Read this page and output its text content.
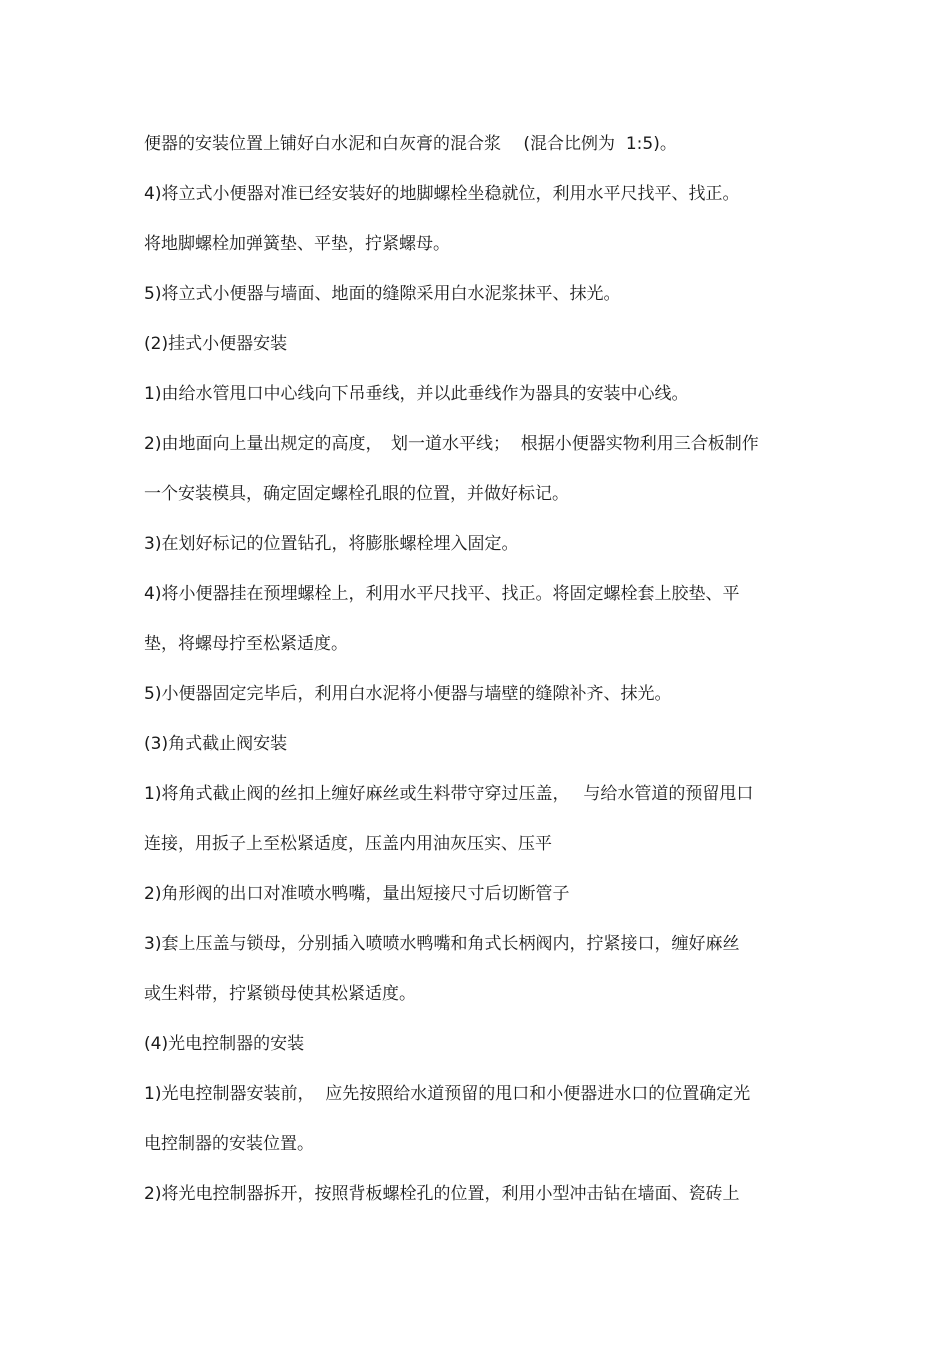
便器的安装位置上铺好白水泥和白灰膏的混合浆　 (混合比例为  1:5)。

4)将立式小便器对准已经安装好的地脚螺栓坐稳就位，利用水平尺找平、找正。

将地脚螺栓加弹簧垫、平垫，拧紧螺母。

5)将立式小便器与墙面、地面的缝隙采用白水泥浆抹平、抹光。

(2)挂式小便器安装

1)由给水管甩口中心线向下吊垂线，并以此垂线作为器具的安装中心线。

2)由地面向上量出规定的高度，　划一道水平线；  根据小便器实物利用三合板制作

一个安装模具，确定固定螺栓孔眼的位置，并做好标记。

3)在划好标记的位置钻孔，将膨胀螺栓埋入固定。

4)将小便器挂在预埋螺栓上，利用水平尺找平、找正。将固定螺栓套上胶垫、平

垫，将螺母拧至松紧适度。

5)小便器固定完毕后，利用白水泥将小便器与墙壁的缝隙补齐、抹光。

(3)角式截止阀安装

1)将角式截止阀的丝扣上缠好麻丝或生料带守穿过压盖，　 与给水管道的预留甩口

连接，用扳子上至松紧适度，压盖内用油灰压实、压平

2)角形阀的出口对准喷水鸭嘴，量出短接尺寸后切断管子

3)套上压盖与锁母，分别插入喷喷水鸭嘴和角式长柄阀内，拧紧接口，缠好麻丝

或生料带，拧紧锁母使其松紧适度。

(4)光电控制器的安装

1)光电控制器安装前，  应先按照给水道预留的甩口和小便器进水口的位置确定光

电控制器的安装位置。

2)将光电控制器拆开，按照背板螺栓孔的位置，利用小型冲击钻在墙面、瓷砖上
